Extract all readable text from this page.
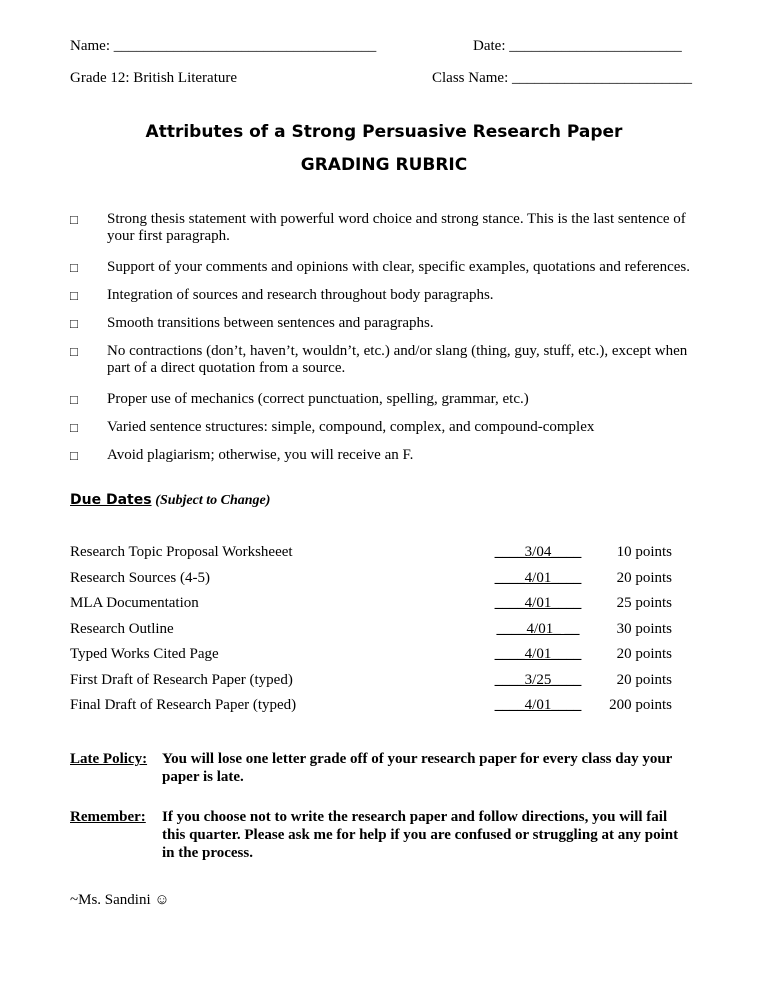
Name: ___________________________________	Date: _______________________
Grade 12: British Literature	Class Name: ________________________
Attributes of a Strong Persuasive Research Paper
GRADING RUBRIC
□	Strong thesis statement with powerful word choice and strong stance. This is the last sentence of your first paragraph.
□	Support of your comments and opinions with clear, specific examples, quotations and references.
□	Integration of sources and research throughout body paragraphs.
□	Smooth transitions between sentences and paragraphs.
□	No contractions (don’t, haven’t, wouldn’t, etc.) and/or slang (thing, guy, stuff, etc.), except when part of a direct quotation from a source.
□	Proper use of mechanics (correct punctuation, spelling, grammar, etc.)
□	Varied sentence structures: simple, compound, complex, and compound-complex
□	Avoid plagiarism; otherwise, you will receive an F.
Due Dates (Subject to Change)
Research Topic Proposal Worksheeet	____3/04____	10 points
Research Sources (4-5)	____4/01____	20 points
MLA Documentation	____4/01____	25 points
Research Outline	____4/01_ __	30 points
Typed Works Cited Page	____4/01____	20 points
First Draft of Research Paper (typed)	____3/25____	20 points
Final Draft of Research Paper (typed)	____4/01____	200 points
Late Policy: You will lose one letter grade off of your research paper for every class day your
paper is late.
Remember:	If you choose not to write the research paper and follow directions, you will fail
this quarter. Please ask me for help if you are confused or struggling at any point
in the process.
~Ms. Sandini ☺
